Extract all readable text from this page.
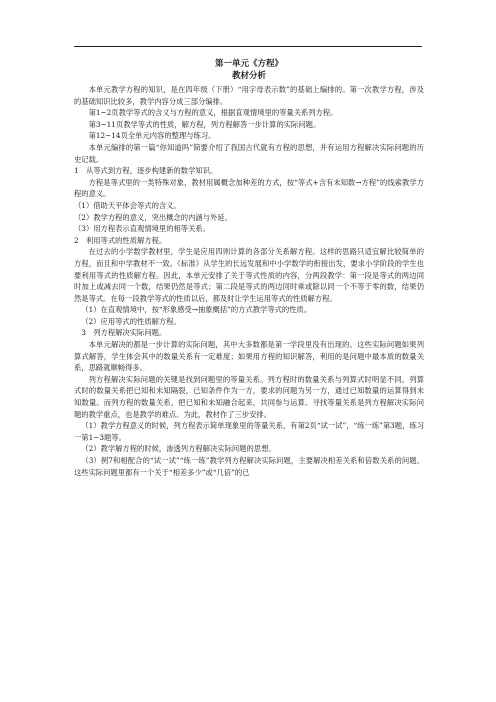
第一单元《方程》

教材分析

本单元教学方程的知识，是在四年级（下册）“用字母表示数”的基础上编排的。第一次教学方程，涉及的基础知识比较多，教学内容分成三部分编排。

第1~2页教学等式的含义与方程的意义，根据直观情境里的等量关系列方程。

第3~11页教学等式的性质，解方程，列方程解答一步计算的实际问题。

第12~14页全单元内容的整理与练习。

本单元编排的第一篇“你知道吗”简要介绍了我国古代就有方程的思想，并有运用方程解决实际问题的历史记载。

1　从等式到方程，逐步构建新的数学知识。

方程是等式里的一类特殊对象，教材用属概念加种差的方式，按“等式+含有未知数→方程”的线索教学方程的意义。

（1）借助天平体会等式的含义。

（2）教学方程的意义，突出概念的内涵与外延。

（3）用方程表示直观情境里的相等关系。

2　利用等式的性质解方程。

在过去的小学数学教材里，学生是应用四则计算的各部分关系解方程。这样的思路只适宜解比较简单的方程，而且和中学教材不一致。《标准》从学生的长远发展和中小学数学的衔接出发，要求小学阶段的学生也要利用等式的性质解方程。因此，本单元安排了关于等式性质的内容，分两段教学：第一段是等式的两边同时加上或减去同一个数，结果仍然是等式；第二段是等式的两边同时乘或除以同一个不等于零的数，结果仍然是等式。在每一段教学等式的性质以后，都及时让学生运用等式的性质解方程。

（1）在直观情境中，按“形象感受→抽象概括”的方式教学等式的性质。

（2）应用等式的性质解方程。

3　列方程解决实际问题。

本单元解决的都是一步计算的实际问题，其中大多数都是第一学段里没有出现的。这些实际问题如果列算式解答，学生体会其中的数量关系有一定难度；如果用方程的知识解答，利用的是问题中最本质的数量关系，思路就顺畅得多。

列方程解决实际问题的关键是找到问题里的等量关系。列方程时的数量关系与列算式时明显不同。列算式时的数量关系把已知和未知隔裂，已知条件作为一方，要求的问题为另一方，通过已知数量的运算得到未知数量。而列方程的数量关系，把已知和未知融合起来，共同参与运算。寻找等量关系是列方程解决实际问题的教学重点，也是教学的难点。为此，教材作了三步安排。

（1）教学方程意义的时候，列方程表示简单现象里的等量关系，有第2页“试一试”，“练一练”第3题，练习一第1~3题等。

（2）教学解方程的时候，渗透列方程解决实际问题的思想。

（3）例7和相配合的“试一试”“练一练”教学列方程解决实际问题，主要解决相差关系和倍数关系的问题。这些实际问题里都有一个关于“相差多少”或“几倍”的已
